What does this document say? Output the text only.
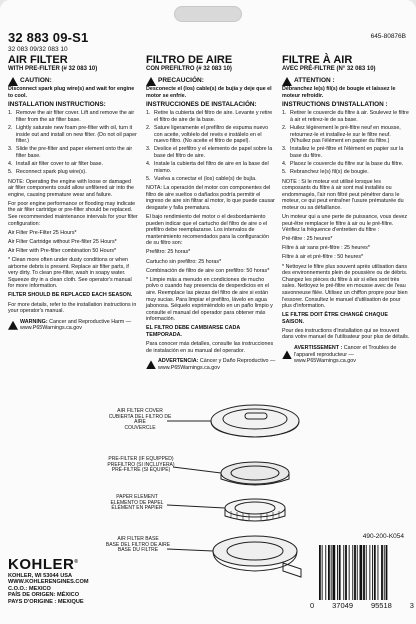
32 883 09-S1
32 083 09/32 083 10
645-80876B
AIR FILTER
WITH PRE-FILTER (# 32 083 10)
CAUTION:
Disconnect spark plug wire(s) and wait for engine to cool.
INSTALLATION INSTRUCTIONS:
1. Remove the air filter cover. Lift and remove the air filter from the air filter base.
2. Lightly saturate new foam pre-filter with oil, turn it inside out and install on new filter. (Do not oil paper filter.)
3. Slide the pre-filter and paper element onto the air filter base.
4. Install air filter cover to air filter base.
5. Reconnect spark plug wire(s).
NOTE: Operating the engine with loose or damaged air filter components could allow unfiltered air into the engine, causing premature wear and failure.
For poor engine performance or flooding may indicate the air filter cartridge or pre-filter should be replaced. See recommended maintenance intervals for your filter configuration:
Air Filter Pre-Filter 25 Hours*
Air Filter Cartridge without Pre-filter 25 Hours*
Air Filter with Pre-filter combination 50 Hours*
* Clean more often under dusty conditions or when airborne debris is present. Replace air filter parts, if very dirty. To clean pre-filter, wash in soapy water. Squeeze dry in a clean cloth. See operator's manual for more information.
FILTER SHOULD BE REPLACED EACH SEASON.
For more details, refer to the installation instructions in your operator's manual.
WARNING: Cancer and Reproductive Harm — www.P65Warnings.ca.gov
FILTRO DE AIRE
CON PREFILTRO (# 32 083 10)
PRECAUCIÓN:
Desconecte el (los) cable(s) de bujía y deje que el motor se enfríe.
INSTRUCCIONES DE INSTALACIÓN:
1. Retire la cubierta del filtro de aire. Levante y retire el filtro de aire de la base.
2. Sature ligeramente el prefiltro de espuma nuevo con aceite, voltéelo del revés e instálelo en el nuevo filtro. (No aceite el filtro de papel).
3. Deslice el prefiltro y el elemento de papel sobre la base del filtro de aire.
4. Instale la cubierta del filtro de aire en la base del mismo.
5. Vuelva a conectar el (los) cable(s) de bujía.
NOTA: La operación del motor con componentes del filtro de aire sueltos o dañados podría permitir el ingreso de aire sin filtrar al motor, lo que puede causar desgaste y falla prematura.
El bajo rendimiento del motor o el desbordamiento pueden indicar que el cartucho del filtro de aire o el prefiltro debe reemplazarse. Los intervalos de mantenimiento recomendados para la configuración de su filtro son:
Prefiltro: 25 horas*
Cartucho sin prefiltro: 25 horas*
Combinación de filtro de aire con prefiltro: 50 horas*
* Limpie más a menudo en condiciones de mucho polvo o cuando hay presencia de desperdicios en el aire. Reemplace las piezas del filtro de aire si están muy sucias. Para limpiar el prefiltro, lávelo en agua jabonosa. Séquelo exprimiéndolo en un paño limpio y consulte el manual del operador para obtener más información.
EL FILTRO DEBE CAMBIARSE CADA TEMPORADA.
Para conocer más detalles, consulte las instrucciones de instalación en su manual del operador.
ADVERTENCIA: Cáncer y Daño Reproductivo — www.P65Warnings.ca.gov
FILTRE À AIR
AVEC PRÉ-FILTRE (N° 32 083 10)
ATTENTION :
Débranchez le(s) fil(s) de bougie et laissez le moteur refroidir.
INSTRUCTIONS D'INSTALLATION :
1. Retirer le couvercle du filtre à air. Soulevez le filtre à air et retirez-le de sa base.
2. Huilez légèrement le pré-filtre neuf en mousse, retournez-le et installez-le sur le filtre neuf. (N'huilez pas l'élément en papier du filtre.)
3. Installez le pré-filtre et l'élément en papier sur la base du filtre.
4. Placez le couvercle du filtre sur la base du filtre.
5. Rebranchez le(s) fil(s) de bougie.
NOTE : Si le moteur est utilisé lorsque les composants du filtre à air sont mal installés ou endommagés, l'air non filtré peut pénétrer dans le moteur, ce qui peut entraîner l'usure prématurée du moteur ou sa défaillance.
Un moteur qui a une perte de puissance, vous devez peut-être remplacer le filtre à air ou le pré-filtre. Vérifiez la fréquence d'entretien du filtre :
Pré-filtre : 25 heures*
Filtre à air sans pré-filtre : 25 heures*
Filtre à air et pré-filtre : 50 heures*
* Nettoyez le filtre plus souvent après utilisation dans des environnements plein de poussière ou de débris. Changez les pièces du filtre à air si elles sont très sales. Nettoyez le pré-filtre en mousse avec de l'eau savonneuse filée. Utilisez un chiffon propre pour bien l'essorer. Consultez le manuel d'utilisation de pour plus d'information.
LE FILTRE DOIT ÊTRE CHANGÉ CHAQUE SAISON.
Pour des instructions d'installation qui se trouvent dans votre manuel de l'utilisateur pour plus de détails.
AVERTISSEMENT : Cancer et Troubles de l'appareil reproducteur — www.P65Warnings.ca.gov
AIR FILTER COVER
CUBIERTA DEL FILTRO DE AIRE
COUVERCLE
PRE-FILTER (IF EQUIPPED)
PREFILTRO (SI INCLUYERA)
PRÉ-FILTRE (SI ÉQUIPÉ)
PAPER ELEMENT
ELEMENTO DE PAPEL
ÉLÉMENT EN PAPIER
AIR FILTER BASE
BASE DEL FILTRO DE AIRE
BASE DU FILTRE
KOHLER®
KOHLER, WI 53044 USA
WWW.KOHLERENGINES.COM
C.O.O.: MEXICO
PAÍS DE ORIGEN: MÉXICO
PAYS D'ORIGINE : MEXIQUE
490-200-K054
0 37049 95518 3
